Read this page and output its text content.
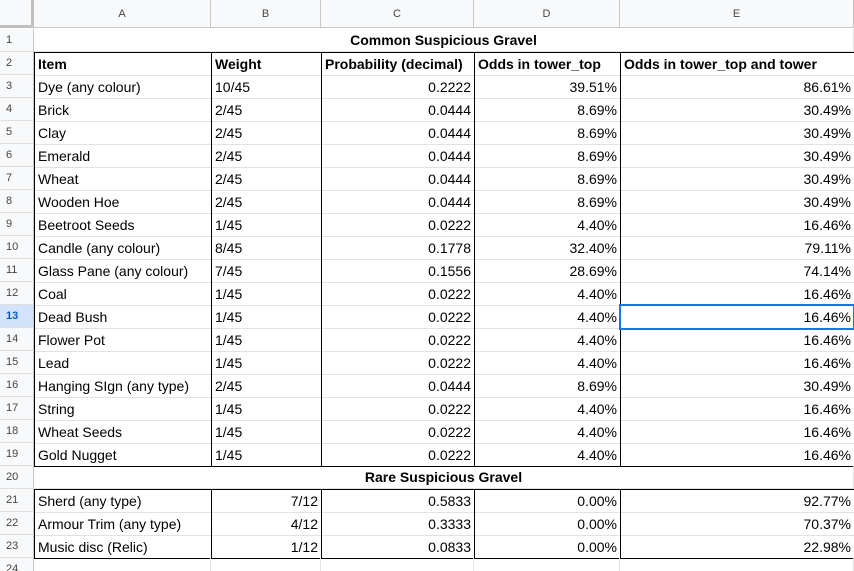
A	B	C	D	E
1
2
3
4
5
6
7
8
9
10
11
12
13
14
15
16
17
18
19
20
21
22
23
24
Common Suspicious Gravel
Item	Weight	Probability (decimal)	Odds in tower_top	Odds in tower_top and tower
Dye (any colour)	10/45	0.2222	39.51%	86.61%
Brick	2/45	0.0444	8.69%	30.49%
Clay	2/45	0.0444	8.69%	30.49%
Emerald	2/45	0.0444	8.69%	30.49%
Wheat	2/45	0.0444	8.69%	30.49%
Wooden Hoe	2/45	0.0444	8.69%	30.49%
Beetroot Seeds	1/45	0.0222	4.40%	16.46%
Candle (any colour)	8/45	0.1778	32.40%	79.11%
Glass Pane (any colour)	7/45	0.1556	28.69%	74.14%
Coal	1/45	0.0222	4.40%	16.46%
Dead Bush	1/45	0.0222	4.40%	16.46%
Flower Pot	1/45	0.0222	4.40%	16.46%
Lead	1/45	0.0222	4.40%	16.46%
Hanging SIgn (any type)	2/45	0.0444	8.69%	30.49%
String	1/45	0.0222	4.40%	16.46%
Wheat Seeds	1/45	0.0222	4.40%	16.46%
Gold Nugget	1/45	0.0222	4.40%	16.46%
Rare Suspicious Gravel
Sherd (any type)	7/12	0.5833	0.00%	92.77%
Armour Trim (any type)	4/12	0.3333	0.00%	70.37%
Music disc (Relic)	1/12	0.0833	0.00%	22.98%
